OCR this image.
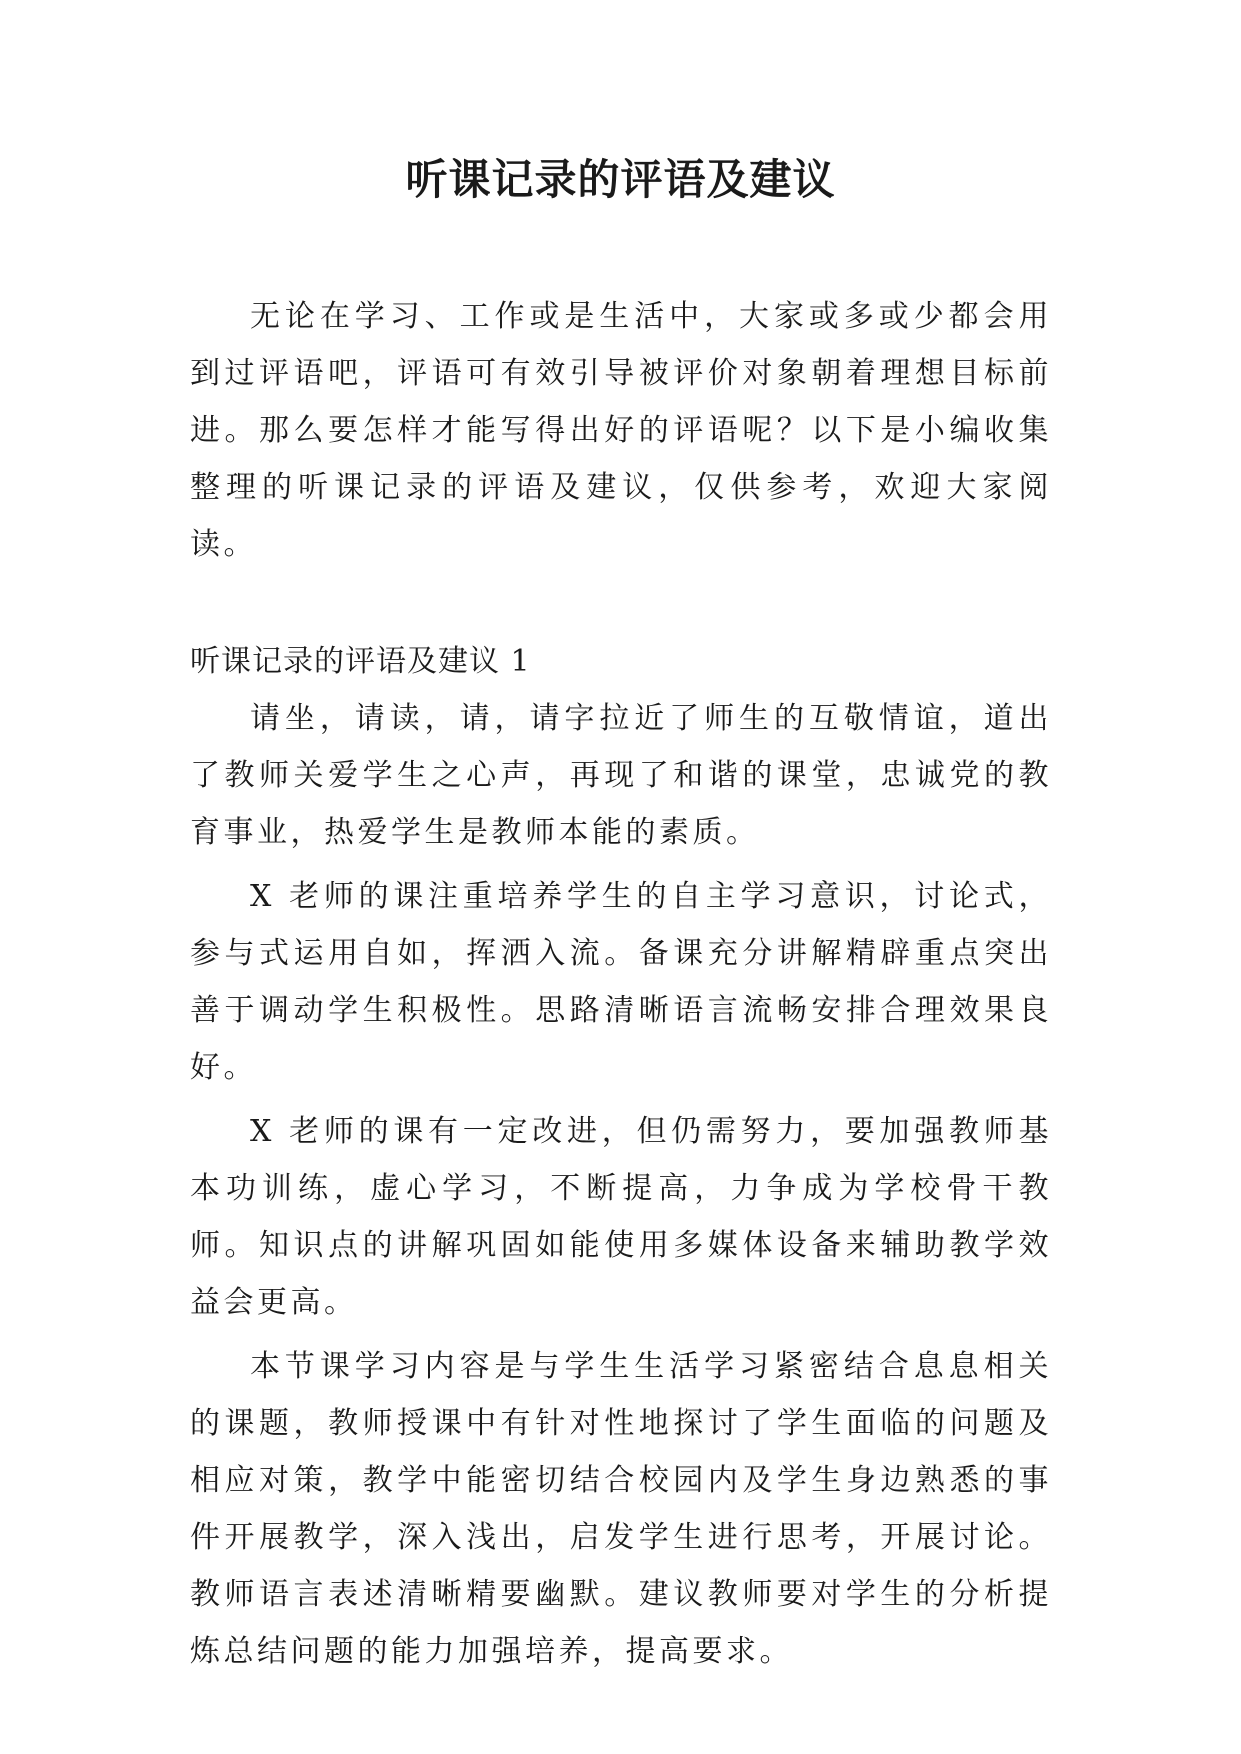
听课记录的评语及建议

无论在学习、工作或是生活中，大家或多或少都会用到过评语吧，评语可有效引导被评价对象朝着理想目标前进。那么要怎样才能写得出好的评语呢？以下是小编收集整理的听课记录的评语及建议，仅供参考，欢迎大家阅读。

听课记录的评语及建议 1

请坐，请读，请，请字拉近了师生的互敬情谊，道出了教师关爱学生之心声，再现了和谐的课堂，忠诚党的教育事业，热爱学生是教师本能的素质。

X 老师的课注重培养学生的自主学习意识，讨论式，参与式运用自如，挥洒入流。备课充分讲解精辟重点突出善于调动学生积极性。思路清晰语言流畅安排合理效果良好。

X 老师的课有一定改进，但仍需努力，要加强教师基本功训练，虚心学习，不断提高，力争成为学校骨干教师。知识点的讲解巩固如能使用多媒体设备来辅助教学效益会更高。

本节课学习内容是与学生生活学习紧密结合息息相关的课题，教师授课中有针对性地探讨了学生面临的问题及相应对策，教学中能密切结合校园内及学生身边熟悉的事件开展教学，深入浅出，启发学生进行思考，开展讨论。教师语言表述清晰精要幽默。建议教师要对学生的分析提炼总结问题的能力加强培养，提高要求。
